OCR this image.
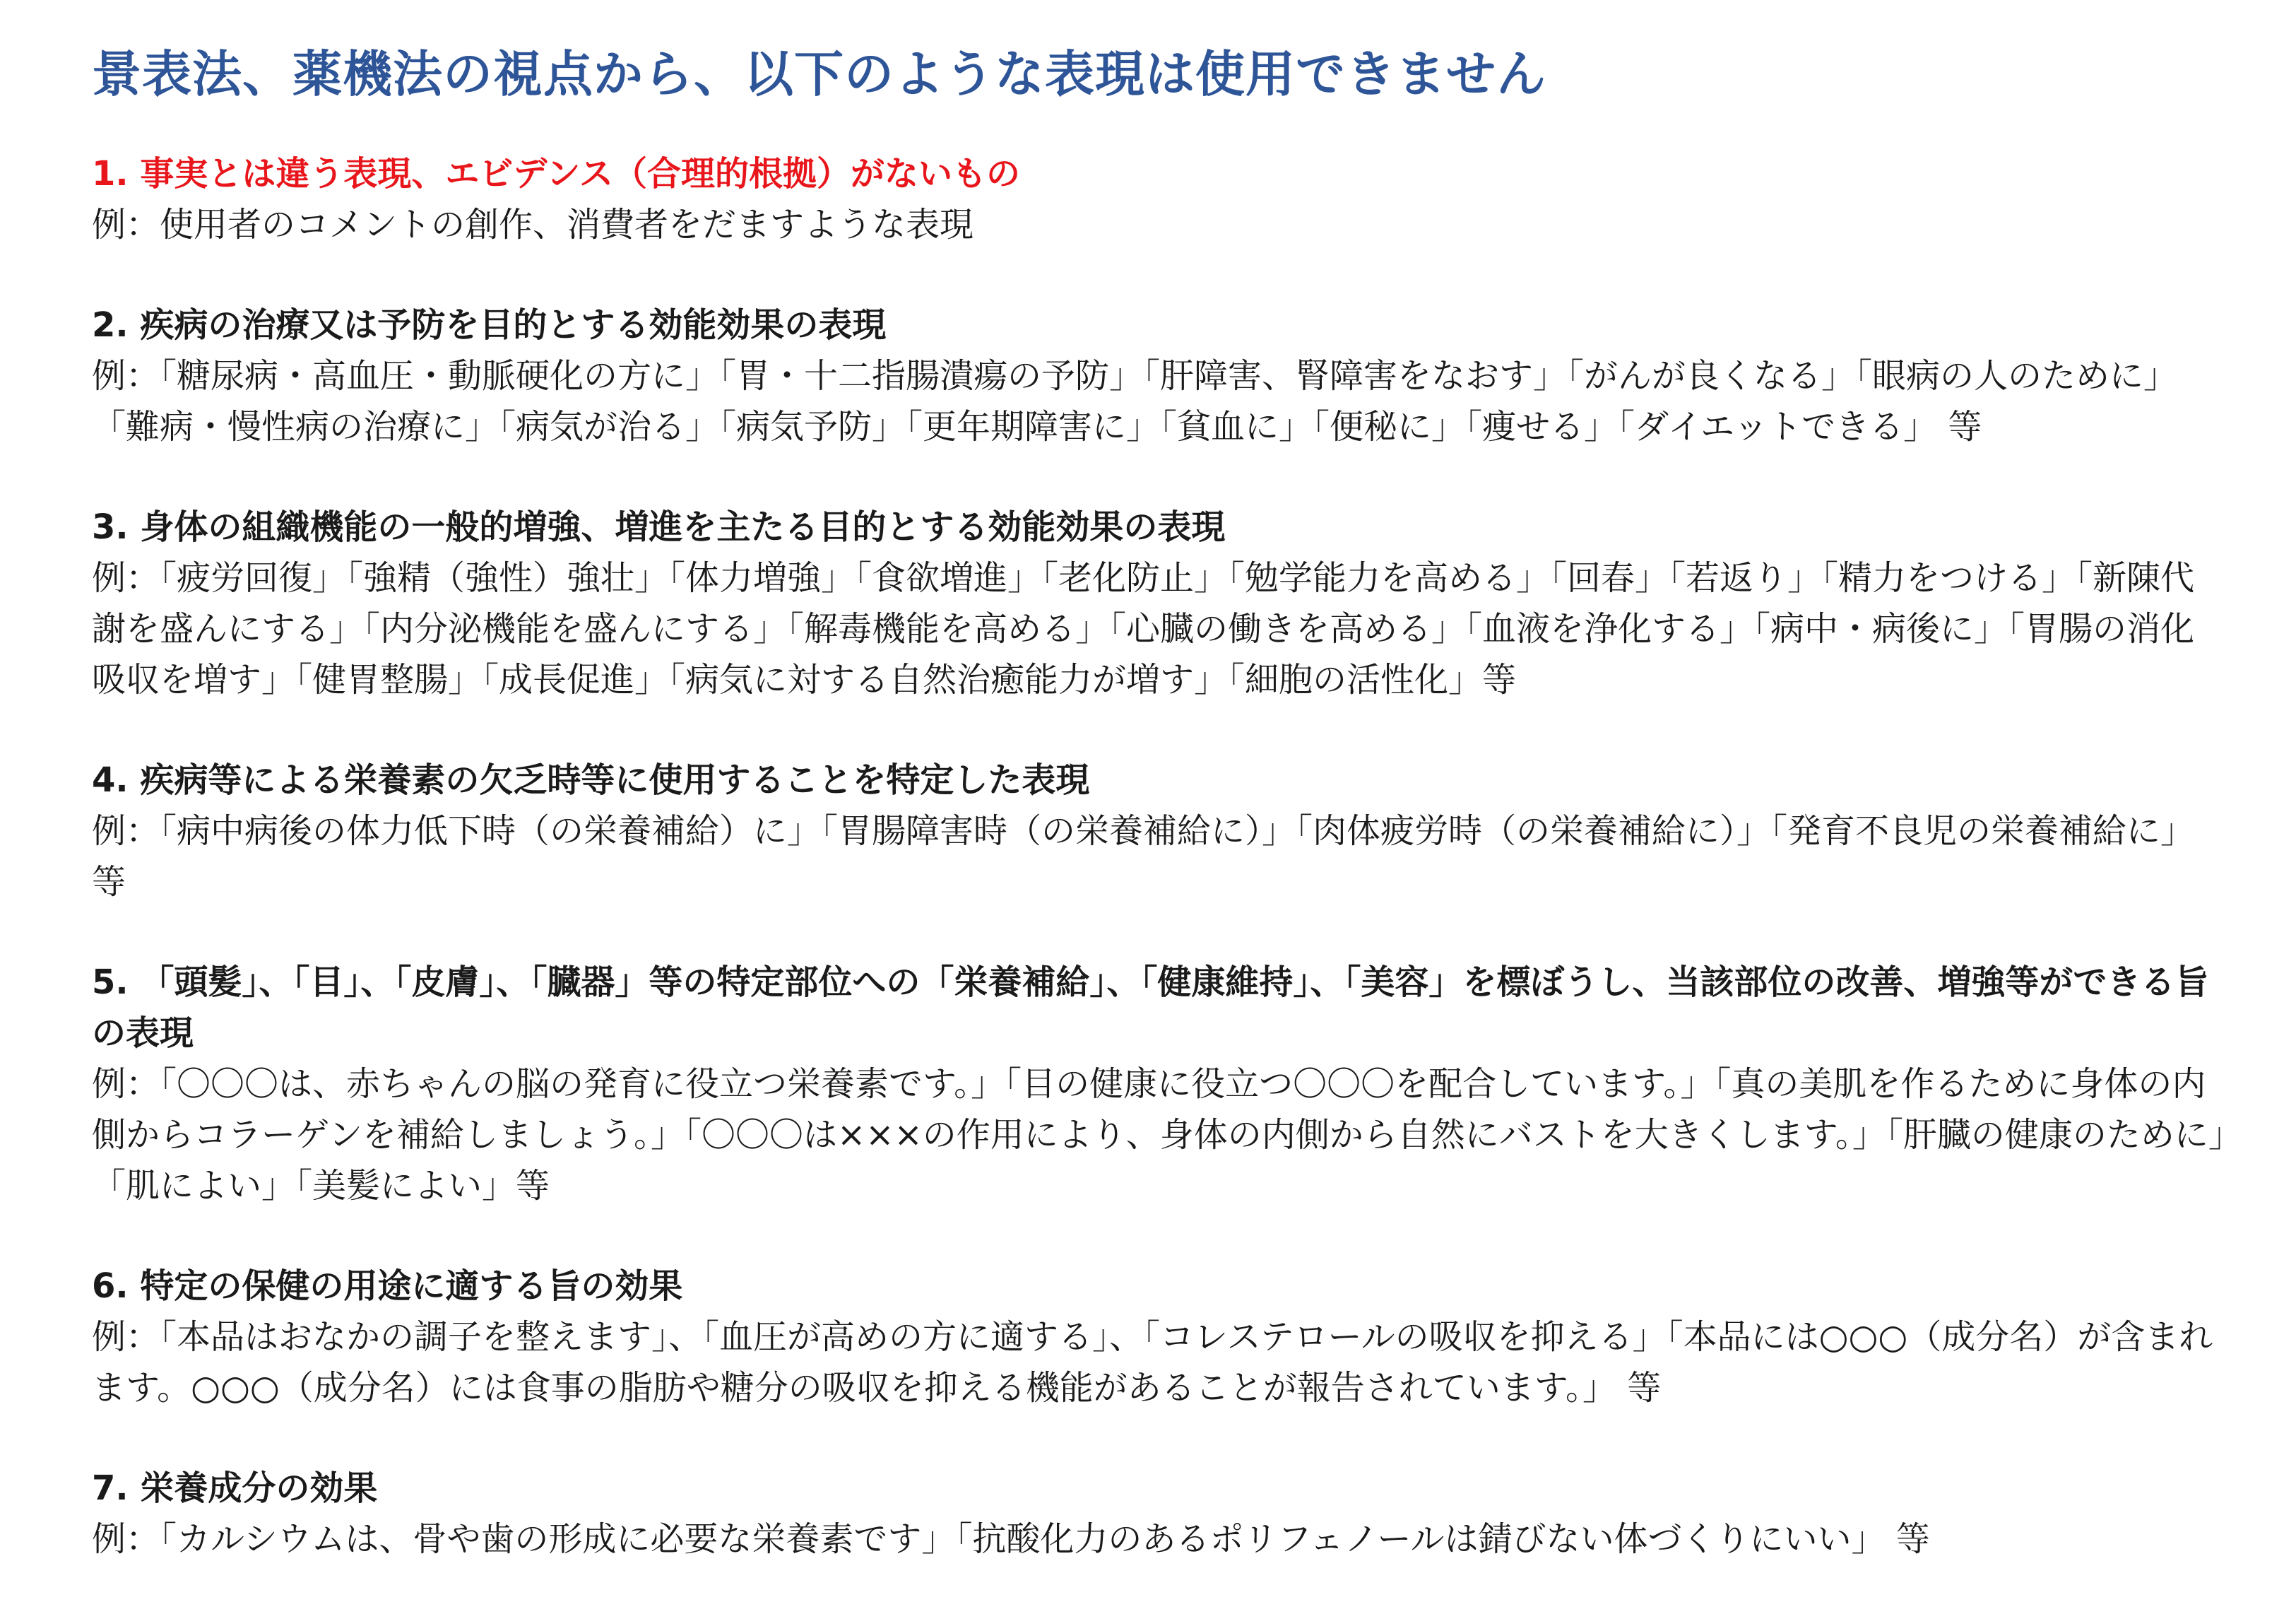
景表法、薬機法の視点から、以下のような表現は使用できません

1. 事実とは違う表現、エビデンス（合理的根拠）がないもの

例：使用者のコメントの創作、消費者をだますような表現

2. 疾病の治療又は予防を目的とする効能効果の表現

例：「糖尿病・高血圧・動脈硬化の方に」「胃・十二指腸潰瘍の予防」「肝障害、腎障害をなおす」「がんが良くなる」「眼病の人のために」「難病・慢性病の治療に」「病気が治る」「病気予防」「更年期障害に」「貧血に」「便秘に」「痩せる」「ダイエットできる」 等

3. 身体の組織機能の一般的増強、増進を主たる目的とする効能効果の表現

例：「疲労回復」「強精（強性）強壮」「体力増強」「食欲増進」「老化防止」「勉学能力を高める」「回春」「若返り」「精力をつける」「新陳代謝を盛んにする」「内分泌機能を盛んにする」「解毒機能を高める」「心臓の働きを高める」「血液を浄化する」「病中・病後に」「胃腸の消化吸収を増す」「健胃整腸」「成長促進」「病気に対する自然治癒能力が増す」「細胞の活性化」等

4. 疾病等による栄養素の欠乏時等に使用することを特定した表現

例：「病中病後の体力低下時（の栄養補給）に」「胃腸障害時（の栄養補給に）」「肉体疲労時（の栄養補給に）」「発育不良児の栄養補給に」 等

5. 「頭髪」、「目」、「皮膚」、「臓器」等の特定部位への「栄養補給」、「健康維持」、「美容」を標ぼうし、当該部位の改善、増強等ができる旨の表現

例：「〇〇〇は、赤ちゃんの脳の発育に役立つ栄養素です。」「目の健康に役立つ〇〇〇を配合しています。」「真の美肌を作るために身体の内側からコラーゲンを補給しましょう。」「〇〇〇は×××の作用により、身体の内側から自然にバストを大きくします。」「肝臓の健康のために」「肌によい」「美髪によい」等

6. 特定の保健の用途に適する旨の効果

例：「本品はおなかの調子を整えます」、「血圧が高めの方に適する」、「コレステロールの吸収を抑える」「本品には○○○（成分名）が含まれます。○○○（成分名）には食事の脂肪や糖分の吸収を抑える機能があることが報告されています。」 等

7. 栄養成分の効果

例：「カルシウムは、骨や歯の形成に必要な栄養素です」「抗酸化力のあるポリフェノールは錆びない体づくりにいい」 等
